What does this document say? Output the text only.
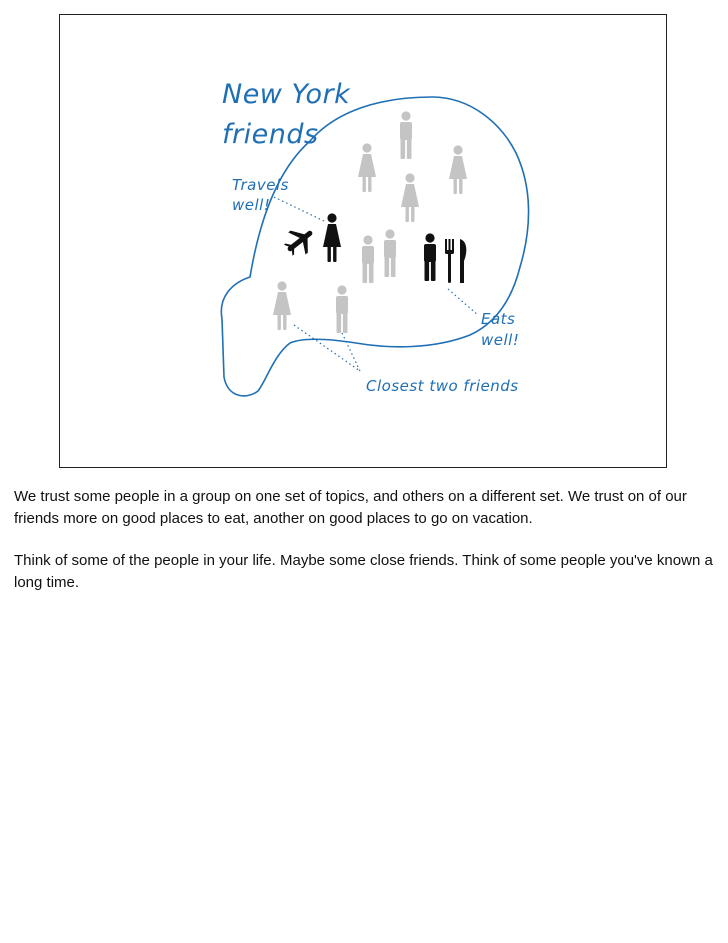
New York
friends
Travels
well!
Eats
well!
Closest two friends

We trust some people in a group on one set of topics, and others on a different set. We trust on of our friends more on good places to eat, another on good places to go on vacation.

Think of some of the people in your life. Maybe some close friends. Think of some people you've known a long time.
